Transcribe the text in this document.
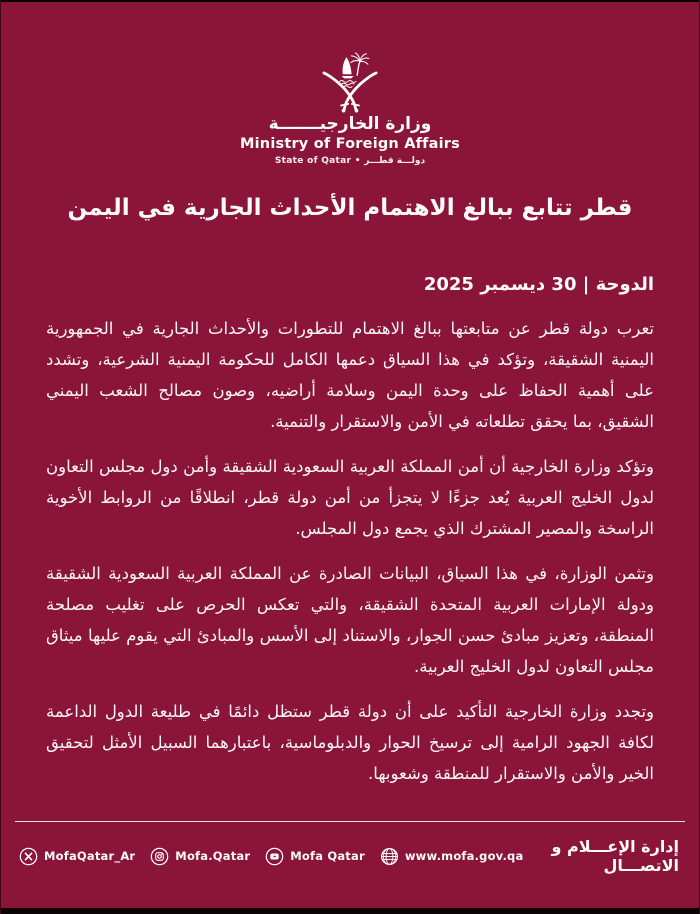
وزارة الخارجيـــــــة
Ministry of Foreign Affairs
State of Qatar • دولـــة قطـــر
قطر تتابع ببالغ الاهتمام الأحداث الجارية في اليمن
الدوحة | 30 ديسمبر 2025

تعرب دولة قطر عن متابعتها ببالغ الاهتمام للتطورات والأحداث الجارية في الجمهورية اليمنية الشقيقة، وتؤكد في هذا السياق دعمها الكامل للحكومة اليمنية الشرعية، وتشدد على أهمية الحفاظ على وحدة اليمن وسلامة أراضيه، وصون مصالح الشعب اليمني الشقيق، بما يحقق تطلعاته في الأمن والاستقرار والتنمية.

وتؤكد وزارة الخارجية أن أمن المملكة العربية السعودية الشقيقة وأمن دول مجلس التعاون لدول الخليج العربية يُعد جزءًا لا يتجزأ من أمن دولة قطر، انطلاقًا من الروابط الأخوية الراسخة والمصير المشترك الذي يجمع دول المجلس.

وتثمن الوزارة، في هذا السياق، البيانات الصادرة عن المملكة العربية السعودية الشقيقة ودولة الإمارات العربية المتحدة الشقيقة، والتي تعكس الحرص على تغليب مصلحة المنطقة، وتعزيز مبادئ حسن الجوار، والاستناد إلى الأسس والمبادئ التي يقوم عليها ميثاق مجلس التعاون لدول الخليج العربية.

وتجدد وزارة الخارجية التأكيد على أن دولة قطر ستظل دائمًا في طليعة الدول الداعمة لكافة الجهود الرامية إلى ترسيخ الحوار والدبلوماسية، باعتبارهما السبيل الأمثل لتحقيق الخير والأمن والاستقرار للمنطقة وشعوبها.

MofaQatar_Ar	Mofa.Qatar	Mofa Qatar	www.mofa.gov.qa	إدارة الإعـــلام و الاتصـــال
